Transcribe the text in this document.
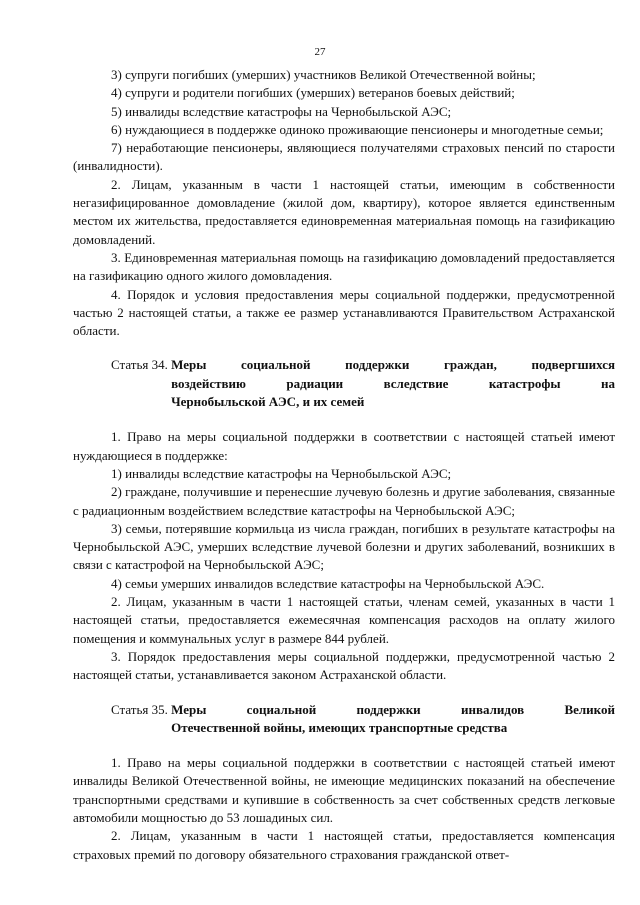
27

3) супруги погибших (умерших) участников Великой Отечественной войны;

4) супруги и родители погибших (умерших) ветеранов боевых действий;

5) инвалиды вследствие катастрофы на Чернобыльской АЭС;

6) нуждающиеся в поддержке одиноко проживающие пенсионеры и многодетные семьи;

7) неработающие пенсионеры, являющиеся получателями страховых пенсий по старости (инвалидности).

2. Лицам, указанным в части 1 настоящей статьи, имеющим в собственности негазифицированное домовладение (жилой дом, квартиру), которое является единственным местом их жительства, предоставляется единовременная материальная помощь на газификацию домовладений.

3. Единовременная материальная помощь на газификацию домовладений предоставляется на газификацию одного жилого домовладения.

4. Порядок и условия предоставления меры социальной поддержки, предусмотренной частью 2 настоящей статьи, а также ее размер устанавливаются Правительством Астраханской области.

Статья 34. Меры социальной поддержки граждан, подвергшихся
воздействию радиации вследствие катастрофы на
Чернобыльской АЭС, и их семей

1. Право на меры социальной поддержки в соответствии с настоящей статьей имеют нуждающиеся в поддержке:

1) инвалиды вследствие катастрофы на Чернобыльской АЭС;

2) граждане, получившие и перенесшие лучевую болезнь и другие заболевания, связанные с радиационным воздействием вследствие катастрофы на Чернобыльской АЭС;

3) семьи, потерявшие кормильца из числа граждан, погибших в результате катастрофы на Чернобыльской АЭС, умерших вследствие лучевой болезни и других заболеваний, возникших в связи с катастрофой на Чернобыльской АЭС;

4) семьи умерших инвалидов вследствие катастрофы на Чернобыльской АЭС.

2. Лицам, указанным в части 1 настоящей статьи, членам семей, указанных в части 1 настоящей статьи, предоставляется ежемесячная компенсация расходов на оплату жилого помещения и коммунальных услуг в размере 844 рублей.

3. Порядок предоставления меры социальной поддержки, предусмотренной частью 2 настоящей статьи, устанавливается законом Астраханской области.

Статья 35. Меры социальной поддержки инвалидов Великой
Отечественной войны, имеющих транспортные средства

1. Право на меры социальной поддержки в соответствии с настоящей статьей имеют инвалиды Великой Отечественной войны, не имеющие медицинских показаний на обеспечение транспортными средствами и купившие в собственность за счет собственных средств легковые автомобили мощностью до 53 лошадиных сил.

2. Лицам, указанным в части 1 настоящей статьи, предоставляется компенсация страховых премий по договору обязательного страхования гражданской ответ-
